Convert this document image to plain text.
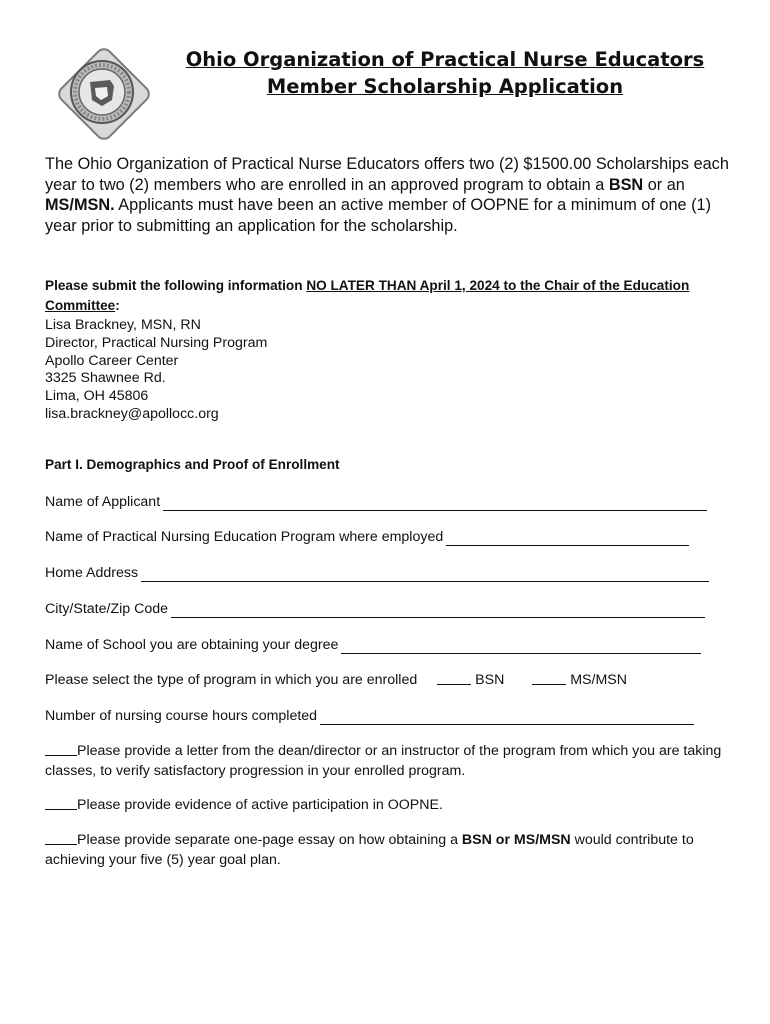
Ohio Organization of Practical Nurse Educators
Member Scholarship Application
The Ohio Organization of Practical Nurse Educators offers two (2) $1500.00 Scholarships each year to two (2) members who are enrolled in an approved program to obtain a BSN or an MS/MSN. Applicants must have been an active member of OOPNE for a minimum of one (1) year prior to submitting an application for the scholarship.
Please submit the following information NO LATER THAN April 1, 2024 to the Chair of the Education Committee:
Lisa Brackney, MSN, RN
Director, Practical Nursing Program
Apollo Career Center
3325 Shawnee Rd.
Lima, OH 45806
lisa.brackney@apollocc.org
Part I. Demographics and Proof of Enrollment
Name of Applicant
Name of Practical Nursing Education Program where employed
Home Address
City/State/Zip Code
Name of School you are obtaining your degree
Please select the type of program in which you are enrolled	BSN	MS/MSN
Number of nursing course hours completed
Please provide a letter from the dean/director or an instructor of the program from which you are taking classes, to verify satisfactory progression in your enrolled program.
Please provide evidence of active participation in OOPNE.
Please provide separate one-page essay on how obtaining a BSN or MS/MSN would contribute to achieving your five (5) year goal plan.
